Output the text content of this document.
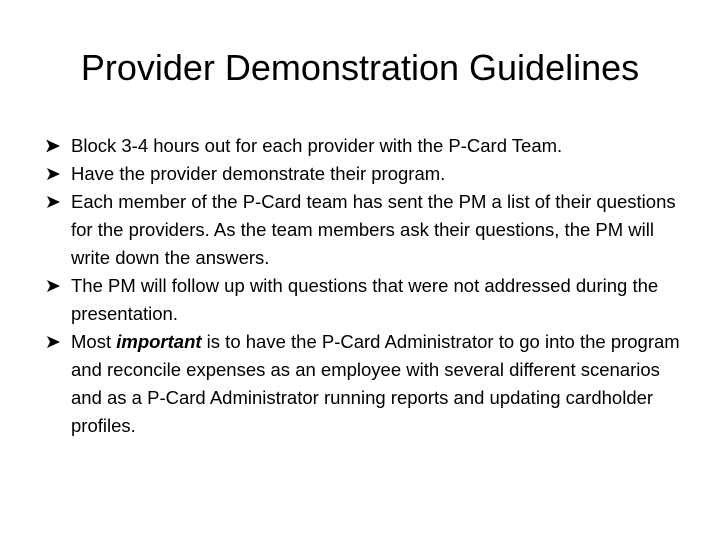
Provider Demonstration Guidelines
Block 3-4 hours out for each provider with the P-Card Team.
Have the provider demonstrate their program.
Each member of the P-Card team has sent the PM a list of their questions for the providers. As the team members ask their questions, the PM will write down the answers.
The PM will follow up with questions that were not addressed during the presentation.
Most important is to have the P-Card Administrator to go into the program and reconcile expenses as an employee with several different scenarios and as a P-Card Administrator running reports and updating cardholder profiles.
